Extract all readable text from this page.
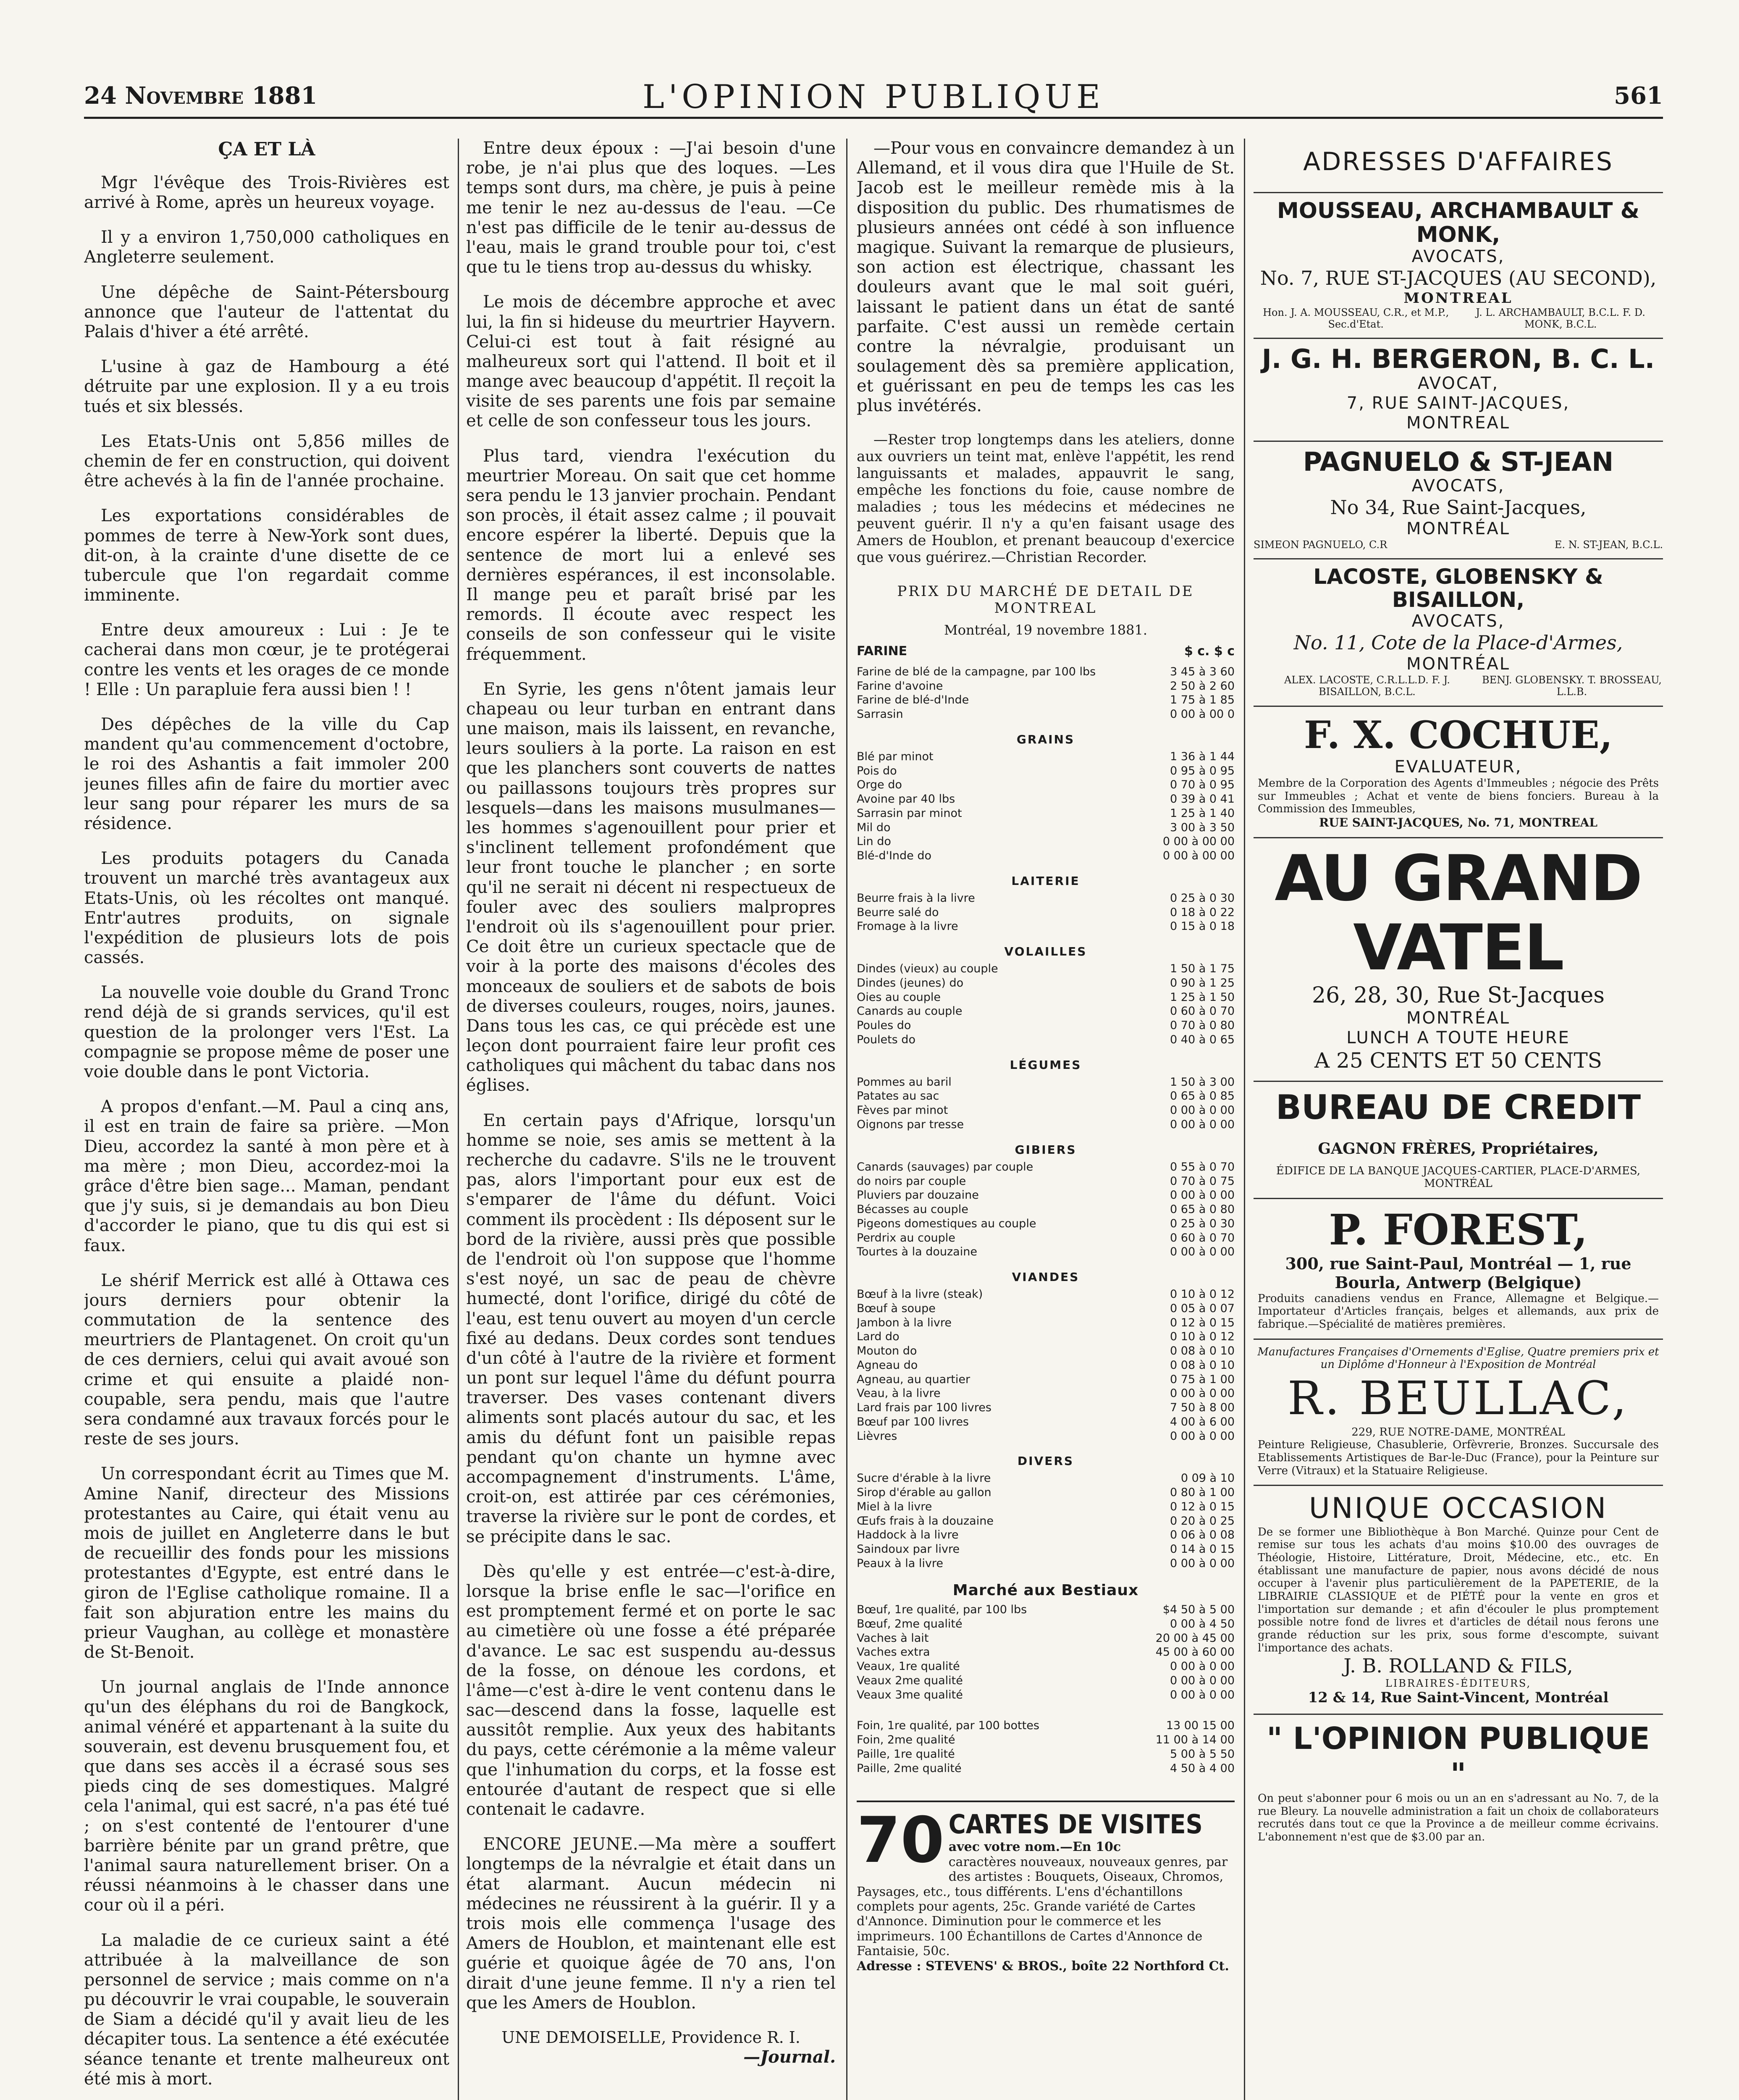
24 Novembre 1881	L'OPINION PUBLIQUE	561
ÇA ET LÀ

Mgr l'évêque des Trois-Rivières est arrivé à Rome, après un heureux voyage.

Il y a environ 1,750,000 catholiques en Angleterre seulement.

Une dépêche de Saint-Pétersbourg annonce que l'auteur de l'attentat du Palais d'hiver a été arrêté.

L'usine à gaz de Hambourg a été détruite par une explosion. Il y a eu trois tués et six blessés.

Les Etats-Unis ont 5,856 milles de chemin de fer en construction, qui doivent être achevés à la fin de l'année prochaine.

Les exportations considérables de pommes de terre à New-York sont dues, dit-on, à la crainte d'une disette de ce tubercule que l'on regardait comme imminente.

Entre deux amoureux : Lui : Je te cacherai dans mon cœur, je te protégerai contre les vents et les orages de ce monde ! Elle : Un parapluie fera aussi bien ! !

Des dépêches de la ville du Cap mandent qu'au commencement d'octobre, le roi des Ashantis a fait immoler 200 jeunes filles afin de faire du mortier avec leur sang pour réparer les murs de sa résidence.

Les produits potagers du Canada trouvent un marché très avantageux aux Etats-Unis, où les récoltes ont manqué. Entr'autres produits, on signale l'expédition de plusieurs lots de pois cassés.

La nouvelle voie double du Grand Tronc rend déjà de si grands services, qu'il est question de la prolonger vers l'Est. La compagnie se propose même de poser une voie double dans le pont Victoria.

A propos d'enfant.—M. Paul a cinq ans, il est en train de faire sa prière. —Mon Dieu, accordez la santé à mon père et à ma mère ; mon Dieu, accordez-moi la grâce d'être bien sage... Maman, pendant que j'y suis, si je demandais au bon Dieu d'accorder le piano, que tu dis qui est si faux.

Le shérif Merrick est allé à Ottawa ces jours derniers pour obtenir la commutation de la sentence des meurtriers de Plantagenet. On croit qu'un de ces derniers, celui qui avait avoué son crime et qui ensuite a plaidé non-coupable, sera pendu, mais que l'autre sera condamné aux travaux forcés pour le reste de ses jours.

Un correspondant écrit au Times que M. Amine Nanif, directeur des Missions protestantes au Caire, qui était venu au mois de juillet en Angleterre dans le but de recueillir des fonds pour les missions protestantes d'Egypte, est entré dans le giron de l'Eglise catholique romaine. Il a fait son abjuration entre les mains du prieur Vaughan, au collège et monastère de St-Benoit.

Un journal anglais de l'Inde annonce qu'un des éléphans du roi de Bangkock, animal vénéré et appartenant à la suite du souverain, est devenu brusquement fou, et que dans ses accès il a écrasé sous ses pieds cinq de ses domestiques. Malgré cela l'animal, qui est sacré, n'a pas été tué ; on s'est contenté de l'entourer d'une barrière bénite par un grand prêtre, que l'animal saura naturellement briser. On a réussi néanmoins à le chasser dans une cour où il a péri.

La maladie de ce curieux saint a été attribuée à la malveillance de son personnel de service ; mais comme on n'a pu découvrir le vrai coupable, le souverain de Siam a décidé qu'il y avait lieu de les décapiter tous. La sentence a été exécutée séance tenante et trente malheureux ont été mis à mort.

Entre deux époux : —J'ai besoin d'une robe, je n'ai plus que des loques. —Les temps sont durs, ma chère, je puis à peine me tenir le nez au-dessus de l'eau. —Ce n'est pas difficile de le tenir au-dessus de l'eau, mais le grand trouble pour toi, c'est que tu le tiens trop au-dessus du whisky.

Le mois de décembre approche et avec lui, la fin si hideuse du meurtrier Hayvern. Celui-ci est tout à fait résigné au malheureux sort qui l'attend. Il boit et il mange avec beaucoup d'appétit. Il reçoit la visite de ses parents une fois par semaine et celle de son confesseur tous les jours.

Plus tard, viendra l'exécution du meurtrier Moreau. On sait que cet homme sera pendu le 13 janvier prochain. Pendant son procès, il était assez calme ; il pouvait encore espérer la liberté. Depuis que la sentence de mort lui a enlevé ses dernières espérances, il est inconsolable. Il mange peu et paraît brisé par les remords. Il écoute avec respect les conseils de son confesseur qui le visite fréquemment.

En Syrie, les gens n'ôtent jamais leur chapeau ou leur turban en entrant dans une maison, mais ils laissent, en revanche, leurs souliers à la porte. La raison en est que les planchers sont couverts de nattes ou paillassons toujours très propres sur lesquels—dans les maisons musulmanes—les hommes s'agenouillent pour prier et s'inclinent tellement profondément que leur front touche le plancher ; en sorte qu'il ne serait ni décent ni respectueux de fouler avec des souliers malpropres l'endroit où ils s'agenouillent pour prier. Ce doit être un curieux spectacle que de voir à la porte des maisons d'écoles des monceaux de souliers et de sabots de bois de diverses couleurs, rouges, noirs, jaunes. Dans tous les cas, ce qui précède est une leçon dont pourraient faire leur profit ces catholiques qui mâchent du tabac dans nos églises.

En certain pays d'Afrique, lorsqu'un homme se noie, ses amis se mettent à la recherche du cadavre. S'ils ne le trouvent pas, alors l'important pour eux est de s'emparer de l'âme du défunt. Voici comment ils procèdent : Ils déposent sur le bord de la rivière, aussi près que possible de l'endroit où l'on suppose que l'homme s'est noyé, un sac de peau de chèvre humecté, dont l'orifice, dirigé du côté de l'eau, est tenu ouvert au moyen d'un cercle fixé au dedans. Deux cordes sont tendues d'un côté à l'autre de la rivière et forment un pont sur lequel l'âme du défunt pourra traverser. Des vases contenant divers aliments sont placés autour du sac, et les amis du défunt font un paisible repas pendant qu'on chante un hymne avec accompagnement d'instruments. L'âme, croit-on, est attirée par ces cérémonies, traverse la rivière sur le pont de cordes, et se précipite dans le sac.

Dès qu'elle y est entrée—c'est-à-dire, lorsque la brise enfle le sac—l'orifice en est promptement fermé et on porte le sac au cimetière où une fosse a été préparée d'avance. Le sac est suspendu au-dessus de la fosse, on dénoue les cordons, et l'âme—c'est à-dire le vent contenu dans le sac—descend dans la fosse, laquelle est aussitôt remplie. Aux yeux des habitants du pays, cette cérémonie a la même valeur que l'inhumation du corps, et la fosse est entourée d'autant de respect que si elle contenait le cadavre.

ENCORE JEUNE.—Ma mère a souffert longtemps de la névralgie et était dans un état alarmant. Aucun médecin ni médecines ne réussirent à la guérir. Il y a trois mois elle commença l'usage des Amers de Houblon, et maintenant elle est guérie et quoique âgée de 70 ans, l'on dirait d'une jeune femme. Il n'y a rien tel que les Amers de Houblon.

UNE DEMOISELLE, Providence R. I.
—Journal.

—Pour vous en convaincre demandez à un Allemand, et il vous dira que l'Huile de St. Jacob est le meilleur remède mis à la disposition du public. Des rhumatismes de plusieurs années ont cédé à son influence magique. Suivant la remarque de plusieurs, son action est électrique, chassant les douleurs avant que le mal soit guéri, laissant le patient dans un état de santé parfaite. C'est aussi un remède certain contre la névralgie, produisant un soulagement dès sa première application, et guérissant en peu de temps les cas les plus invétérés.

—Rester trop longtemps dans les ateliers, donne aux ouvriers un teint mat, enlève l'appétit, les rend languissants et malades, appauvrit le sang, empêche les fonctions du foie, cause nombre de maladies ; tous les médecins et médecines ne peuvent guérir. Il n'y a qu'en faisant usage des Amers de Houblon, et prenant beaucoup d'exercice que vous guérirez.—Christian Recorder.

PRIX DU MARCHÉ DE DETAIL DE MONTREAL
Montréal, 19 novembre 1881.
FARINE	$ c. $ c
Farine de blé de la campagne, par 100 lbs	3 45 à 3 60
Farine d'avoine	2 50 à 2 60
Farine de blé-d'Inde	1 75 à 1 85
Sarrasin	0 00 à 00 0
GRAINS
Blé par minot	1 36 à 1 44
Pois do	0 95 à 0 95
Orge do	0 70 à 0 95
Avoine par 40 lbs	0 39 à 0 41
Sarrasin par minot	1 25 à 1 40
Mil do	3 00 à 3 50
Lin do	0 00 à 00 00
Blé-d'Inde do	0 00 à 00 00
LAITERIE
Beurre frais à la livre	0 25 à 0 30
Beurre salé do	0 18 à 0 22
Fromage à la livre	0 15 à 0 18
VOLAILLES
Dindes (vieux) au couple	1 50 à 1 75
Dindes (jeunes) do	0 90 à 1 25
Oies au couple	1 25 à 1 50
Canards au couple	0 60 à 0 70
Poules do	0 70 à 0 80
Poulets do	0 40 à 0 65
LÉGUMES
Pommes au baril	1 50 à 3 00
Patates au sac	0 65 à 0 85
Fèves par minot	0 00 à 0 00
Oignons par tresse	0 00 à 0 00
GIBIERS
Canards (sauvages) par couple	0 55 à 0 70
do noirs par couple	0 70 à 0 75
Pluviers par douzaine	0 00 à 0 00
Bécasses au couple	0 65 à 0 80
Pigeons domestiques au couple	0 25 à 0 30
Perdrix au couple	0 60 à 0 70
Tourtes à la douzaine	0 00 à 0 00
VIANDES
Bœuf à la livre (steak)	0 10 à 0 12
Bœuf à soupe	0 05 à 0 07
Jambon à la livre	0 12 à 0 15
Lard do	0 10 à 0 12
Mouton do	0 08 à 0 10
Agneau do	0 08 à 0 10
Agneau, au quartier	0 75 à 1 00
Veau, à la livre	0 00 à 0 00
Lard frais par 100 livres	7 50 à 8 00
Bœuf par 100 livres	4 00 à 6 00
Lièvres	0 00 à 0 00
DIVERS
Sucre d'érable à la livre	0 09 à 10
Sirop d'érable au gallon	0 80 à 1 00
Miel à la livre	0 12 à 0 15
Œufs frais à la douzaine	0 20 à 0 25
Haddock à la livre	0 06 à 0 08
Saindoux par livre	0 14 à 0 15
Peaux à la livre	0 00 à 0 00
Marché aux Bestiaux
Bœuf, 1re qualité, par 100 lbs	$4 50 à 5 00
Bœuf, 2me qualité	0 00 à 4 50
Vaches à lait	20 00 à 45 00
Vaches extra	45 00 à 60 00
Veaux, 1re qualité	0 00 à 0 00
Veaux 2me qualité	0 00 à 0 00
Veaux 3me qualité	0 00 à 0 00
Foin, 1re qualité, par 100 bottes	13 00 15 00
Foin, 2me qualité	11 00 à 14 00
Paille, 1re qualité	5 00 à 5 50
Paille, 2me qualité	4 50 à 4 00
70 CARTES DE VISITES avec votre nom.—En 10c
caractères nouveaux, nouveaux genres, par des artistes : Bouquets, Oiseaux, Chromos, Paysages, etc., tous différents. L'ens d'échantillons complets pour agents, 25c. Grande variété de Cartes d'Annonce. Diminution pour le commerce et les imprimeurs. 100 Échantillons de Cartes d'Annonce de Fantaisie, 50c.
Adresse : STEVENS' & BROS., boîte 22 Northford Ct.
ADRESSES D'AFFAIRES
MOUSSEAU, ARCHAMBAULT & MONK,
AVOCATS,
No. 7, RUE ST-JACQUES (AU SECOND),
MONTREAL
Hon. J. A. MOUSSEAU, C.R., et M.P., Sec.d'Etat.
J. L. ARCHAMBAULT, B.C.L. F. D. MONK, B.C.L.
J. G. H. BERGERON, B. C. L.
AVOCAT,
7, RUE SAINT-JACQUES,
MONTREAL
PAGNUELO & ST-JEAN
AVOCATS,
No 34, Rue Saint-Jacques,
MONTRÉAL
SIMEON PAGNUELO, C.R	E. N. ST-JEAN, B.C.L.
LACOSTE, GLOBENSKY & BISAILLON,
AVOCATS,
No. 11, Cote de la Place-d'Armes,
MONTRÉAL
ALEX. LACOSTE, C.R.L.L.D. F. J. BISAILLON, B.C.L.
BENJ. GLOBENSKY. T. BROSSEAU, L.L.B.
F. X. COCHUE,
EVALUATEUR,
Membre de la Corporation des Agents d'Immeubles ; négocie des Prêts sur Immeubles ; Achat et vente de biens fonciers. Bureau à la Commission des Immeubles,
RUE SAINT-JACQUES, No. 71, MONTREAL
AU GRAND VATEL
26, 28, 30, Rue St-Jacques
MONTRÉAL
LUNCH A TOUTE HEURE
A 25 CENTS ET 50 CENTS
BUREAU DE CREDIT
GAGNON FRÈRES, Propriétaires,
ÉDIFICE DE LA BANQUE JACQUES-CARTIER, PLACE-D'ARMES, MONTRÉAL
P. FOREST,
300, rue Saint-Paul, Montréal — 1, rue Bourla, Antwerp (Belgique)
Produits canadiens vendus en France, Allemagne et Belgique.—Importateur d'Articles français, belges et allemands, aux prix de fabrique.—Spécialité de matières premières.
Manufactures Françaises d'Ornements d'Eglise, Quatre premiers prix et un Diplôme d'Honneur à l'Exposition de Montréal
R. BEULLAC,
229, RUE NOTRE-DAME, MONTRÉAL
Peinture Religieuse, Chasublerie, Orfèvrerie, Bronzes. Succursale des Etablissements Artistiques de Bar-le-Duc (France), pour la Peinture sur Verre (Vitraux) et la Statuaire Religieuse.
UNIQUE OCCASION
De se former une Bibliothèque à Bon Marché. Quinze pour Cent de remise sur tous les achats d'au moins $10.00 des ouvrages de Théologie, Histoire, Littérature, Droit, Médecine, etc., etc. En établissant une manufacture de papier, nous avons décidé de nous occuper à l'avenir plus particulièrement de la PAPETERIE, de la LIBRAIRIE CLASSIQUE et de PIÉTÉ pour la vente en gros et l'importation sur demande ; et afin d'écouler le plus promptement possible notre fond de livres et d'articles de détail nous ferons une grande réduction sur les prix, sous forme d'escompte, suivant l'importance des achats.
J. B. ROLLAND & FILS,
LIBRAIRES-ÉDITEURS,
12 & 14, Rue Saint-Vincent, Montréal
" L'OPINION PUBLIQUE "
On peut s'abonner pour 6 mois ou un an en s'adressant au No. 7, de la rue Bleury. La nouvelle administration a fait un choix de collaborateurs recrutés dans tout ce que la Province a de meilleur comme écrivains. L'abonnement n'est que de $3.00 par an.
